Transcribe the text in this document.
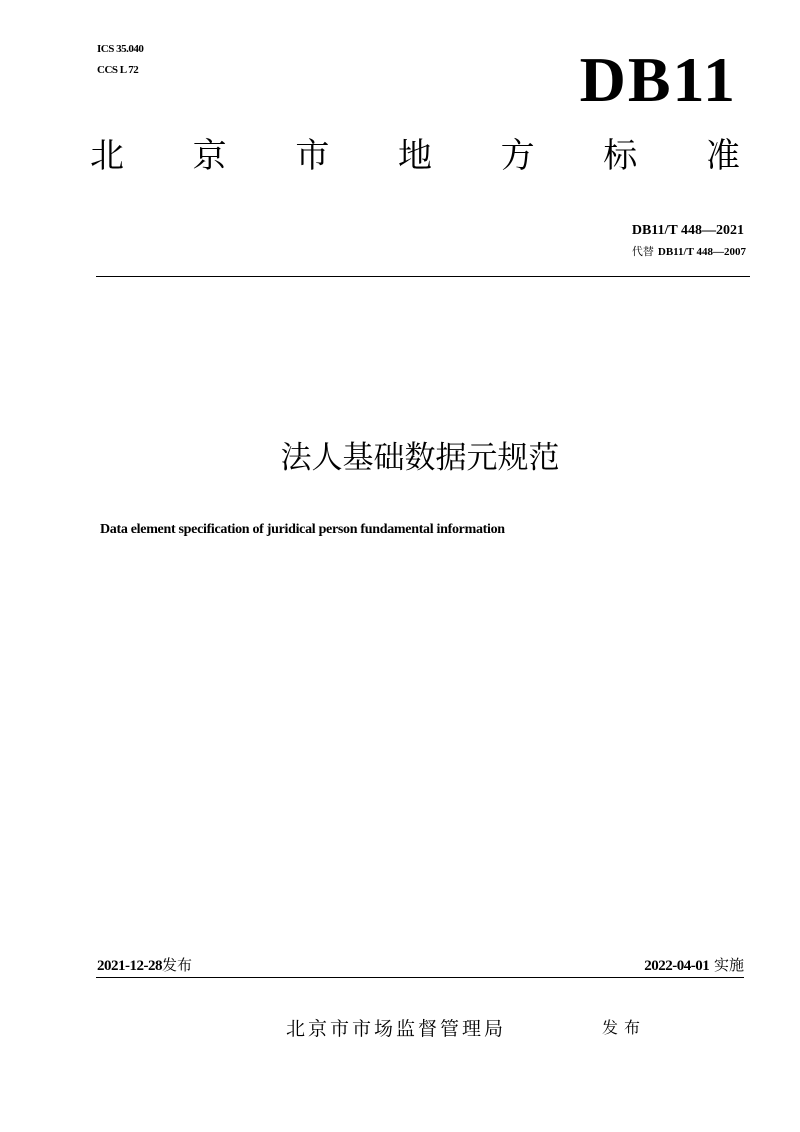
ICS 35.040
CCS L 72	DB11
北 京 市 地 方 标 准
DB11/T 448—2021
代替 DB11/T 448—2007
法人基础数据元规范
Data element specification of juridical person fundamental information
2021-12-28发布	2022-04-01 实施
北京市市场监督管理局	发布
